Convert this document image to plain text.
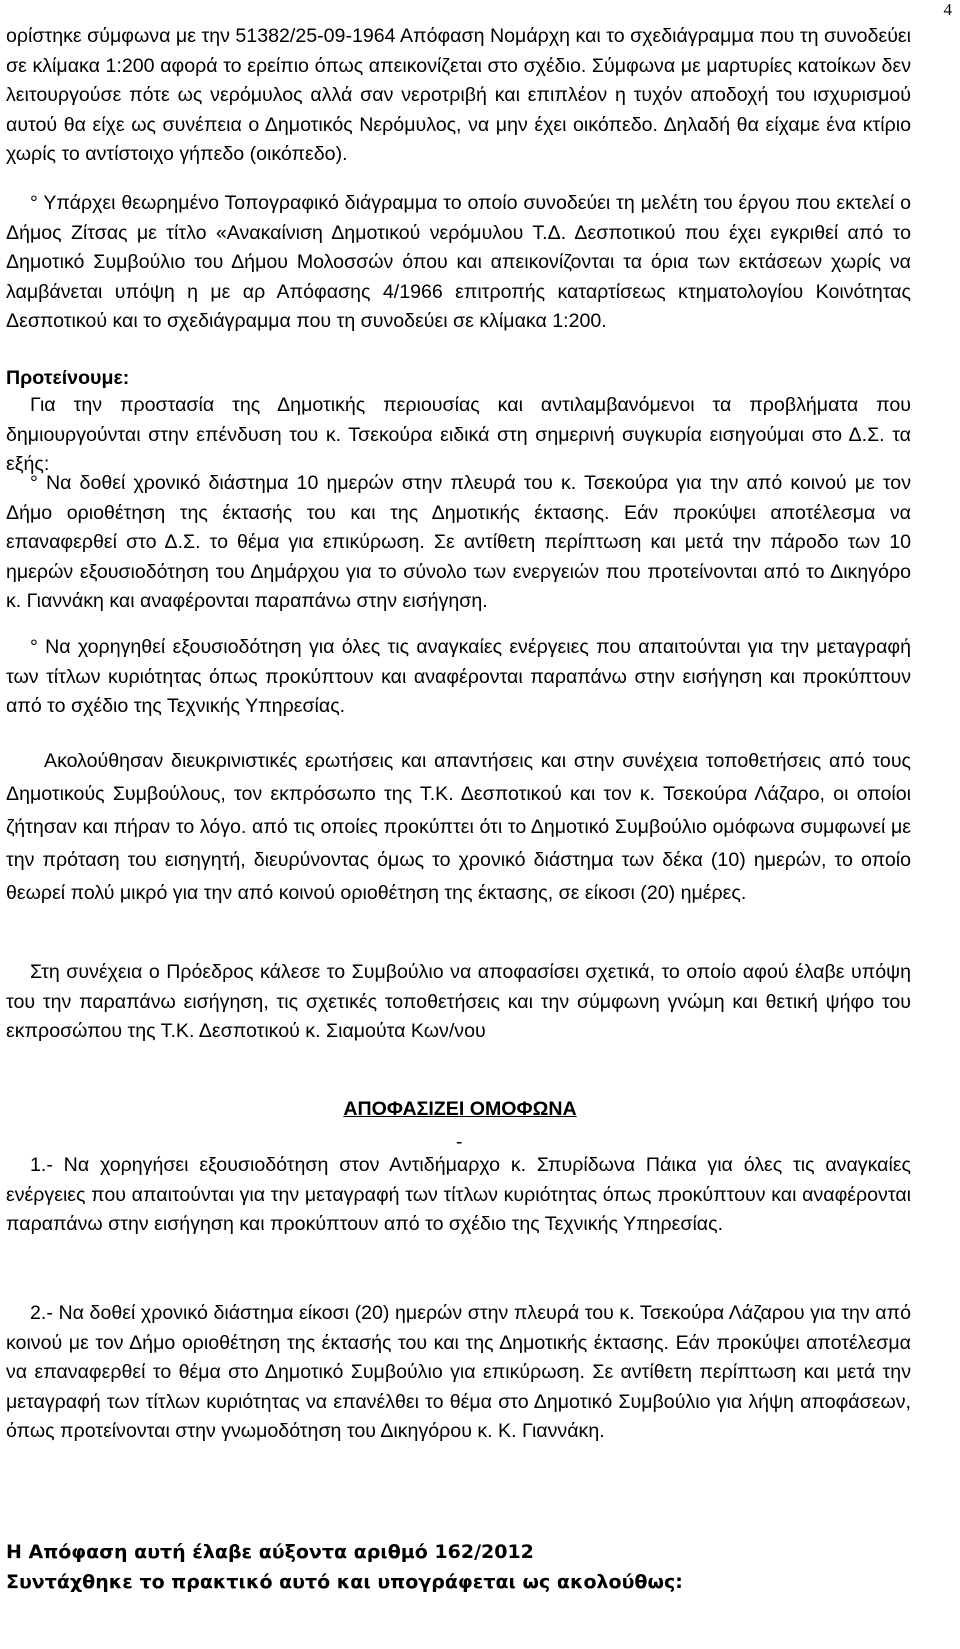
4

ορίστηκε σύμφωνα με την 51382/25-09-1964 Απόφαση Νομάρχη και το σχεδιάγραμμα που τη συνοδεύει σε κλίμακα 1:200 αφορά το ερείπιο όπως απεικονίζεται στο σχέδιο. Σύμφωνα με μαρτυρίες κατοίκων δεν λειτουργούσε πότε ως νερόμυλος αλλά σαν νεροτριβή και επιπλέον η τυχόν αποδοχή του ισχυρισμού αυτού θα είχε ως συνέπεια ο Δημοτικός Νερόμυλος, να μην έχει οικόπεδο. Δηλαδή θα είχαμε ένα κτίριο χωρίς το αντίστοιχο γήπεδο (οικόπεδο).

° Υπάρχει θεωρημένο Τοπογραφικό διάγραμμα το οποίο συνοδεύει τη μελέτη του έργου που εκτελεί ο Δήμος Ζίτσας με τίτλο «Ανακαίνιση Δημοτικού νερόμυλου Τ.Δ. Δεσποτικού που έχει εγκριθεί από το Δημοτικό Συμβούλιο του Δήμου Μολοσσών όπου και απεικονίζονται τα όρια των εκτάσεων χωρίς να λαμβάνεται υπόψη η με αρ Απόφασης 4/1966 επιτροπής καταρτίσεως κτηματολογίου Κοινότητας Δεσποτικού και το σχεδιάγραμμα που τη συνοδεύει σε κλίμακα 1:200.

Προτείνουμε:

Για την προστασία της Δημοτικής περιουσίας και αντιλαμβανόμενοι τα προβλήματα που δημιουργούνται στην επένδυση του κ. Τσεκούρα ειδικά στη σημερινή συγκυρία εισηγούμαι στο Δ.Σ. τα εξής:

° Να δοθεί χρονικό διάστημα 10 ημερών στην πλευρά του κ. Τσεκούρα για την από κοινού με τον Δήμο οριοθέτηση της έκτασής του και της Δημοτικής έκτασης. Εάν προκύψει αποτέλεσμα να επαναφερθεί στο Δ.Σ. το θέμα για επικύρωση. Σε αντίθετη περίπτωση και μετά την πάροδο των 10 ημερών εξουσιοδότηση του Δημάρχου για το σύνολο των ενεργειών που προτείνονται από το Δικηγόρο κ. Γιαννάκη και αναφέρονται παραπάνω στην εισήγηση.

° Να χορηγηθεί εξουσιοδότηση για όλες τις αναγκαίες ενέργειες που απαιτούνται για την μεταγραφή των τίτλων κυριότητας όπως προκύπτουν και αναφέρονται παραπάνω στην εισήγηση και προκύπτουν από το σχέδιο της Τεχνικής Υπηρεσίας.

Ακολούθησαν διευκρινιστικές ερωτήσεις και απαντήσεις και στην συνέχεια τοποθετήσεις από τους Δημοτικούς Συμβούλους, τον εκπρόσωπο της Τ.Κ. Δεσποτικού και τον κ. Τσεκούρα Λάζαρο, οι οποίοι ζήτησαν και πήραν το λόγο. από τις οποίες προκύπτει ότι το Δημοτικό Συμβούλιο ομόφωνα συμφωνεί με την πρόταση του εισηγητή, διευρύνοντας όμως το χρονικό διάστημα των δέκα (10) ημερών, το οποίο θεωρεί πολύ μικρό για την από κοινού οριοθέτηση της έκτασης, σε είκοσι (20) ημέρες.

Στη συνέχεια ο Πρόεδρος κάλεσε το Συμβούλιο να αποφασίσει σχετικά, το οποίο αφού έλαβε υπόψη του την παραπάνω εισήγηση, τις σχετικές τοποθετήσεις και την σύμφωνη γνώμη και θετική ψήφο του εκπροσώπου της Τ.Κ. Δεσποτικού κ. Σιαμούτα Κων/νου

ΑΠΟΦΑΣΙΖΕΙ ΟΜΟΦΩΝΑ
-

1.- Να χορηγήσει εξουσιοδότηση στον Αντιδήμαρχο κ. Σπυρίδωνα Πάικα για όλες τις αναγκαίες ενέργειες που απαιτούνται για την μεταγραφή των τίτλων κυριότητας όπως προκύπτουν και αναφέρονται παραπάνω στην εισήγηση και προκύπτουν από το σχέδιο της Τεχνικής Υπηρεσίας.

2.- Να δοθεί χρονικό διάστημα είκοσι (20) ημερών στην πλευρά του κ. Τσεκούρα Λάζαρου για την από κοινού με τον Δήμο οριοθέτηση της έκτασής του και της Δημοτικής έκτασης. Εάν προκύψει αποτέλεσμα να επαναφερθεί το θέμα στο Δημοτικό Συμβούλιο για επικύρωση. Σε αντίθετη περίπτωση και μετά την μεταγραφή των τίτλων κυριότητας να επανέλθει το θέμα στο Δημοτικό Συμβούλιο για λήψη αποφάσεων, όπως προτείνονται στην γνωμοδότηση του Δικηγόρου κ. Κ. Γιαννάκη.

Η Απόφαση αυτή έλαβε αύξοντα αριθμό 162/2012
Συντάχθηκε το πρακτικό αυτό και υπογράφεται ως ακολούθως:
